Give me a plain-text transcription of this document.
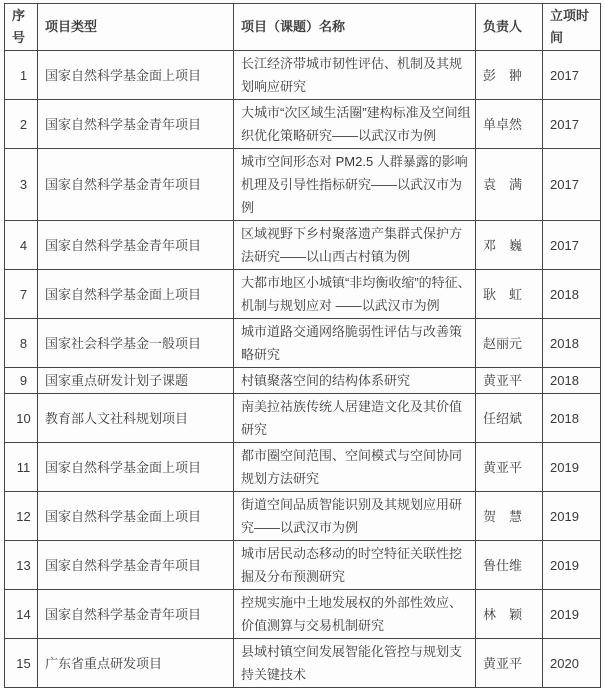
序号	项目类型	项目（课题）名称	负责人	立项时间
1	国家自然科学基金面上项目	长江经济带城市韧性评估、机制及其规划响应研究	彭　翀	2017
2	国家自然科学基金青年项目	大城市“次区域生活圈”建构标准及空间组织优化策略研究——以武汉市为例	单卓然	2017
3	国家自然科学基金青年项目	城市空间形态对 PM2.5 人群暴露的影响机理及引导性指标研究——以武汉市为例	袁　满	2017
4	国家自然科学基金青年项目	区域视野下乡村聚落遗产集群式保护方法研究——以山西古村镇为例	邓　巍	2017
7	国家自然科学基金面上项目	大都市地区小城镇“非均衡收缩”的特征、机制与规划应对 ——以武汉市为例	耿　虹	2018
8	国家社会科学基金一般项目	城市道路交通网络脆弱性评估与改善策略研究	赵丽元	2018
9	国家重点研发计划子课题	村镇聚落空间的结构体系研究	黄亚平	2018
10	教育部人文社科规划项目	南美拉祜族传统人居建造文化及其价值研究	任绍斌	2018
11	国家自然科学基金面上项目	都市圈空间范围、空间模式与空间协同规划方法研究	黄亚平	2019
12	国家自然科学基金面上项目	街道空间品质智能识别及其规划应用研究——以武汉市为例	贺　慧	2019
13	国家自然科学基金青年项目	城市居民动态移动的时空特征关联性挖掘及分布预测研究	鲁仕维	2019
14	国家自然科学基金青年项目	控规实施中土地发展权的外部性效应、价值测算与交易机制研究	林　颖	2019
15	广东省重点研发项目	县域村镇空间发展智能化管控与规划支持关键技术	黄亚平	2020
